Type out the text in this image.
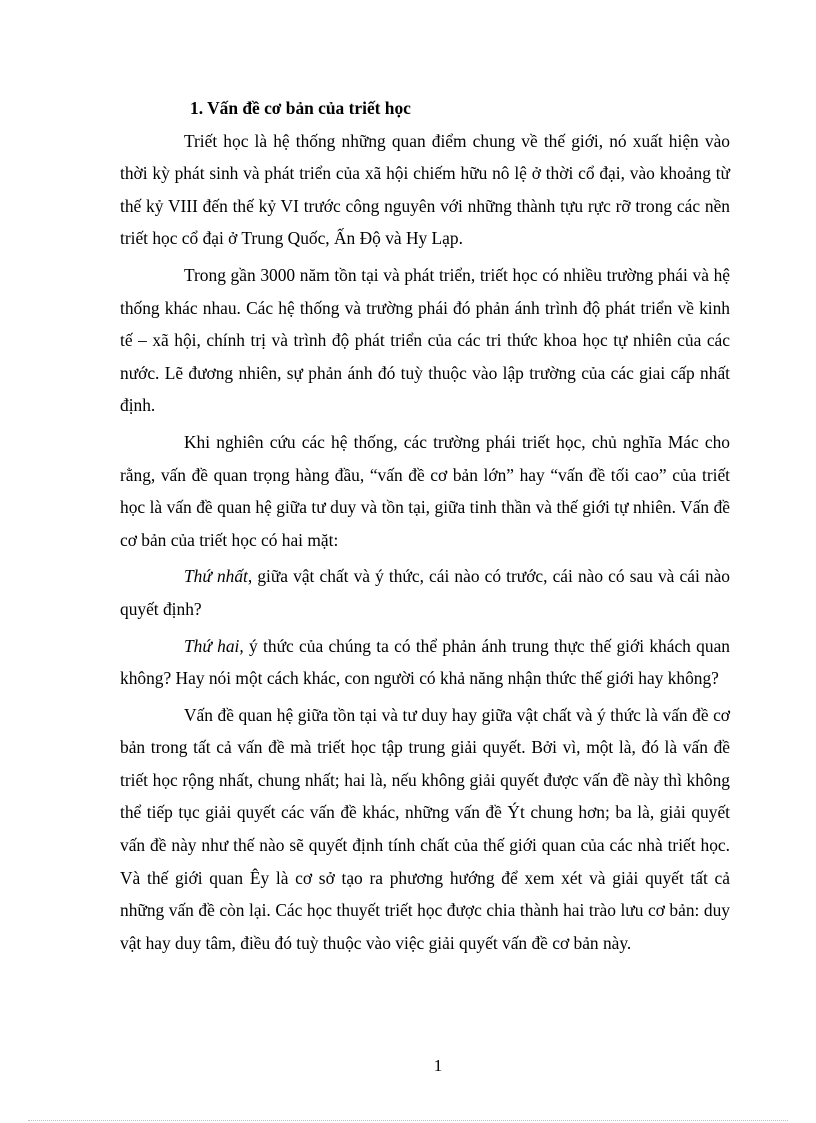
1. Vấn đề cơ bản của triết học

Triết học là hệ thống những quan điểm chung về thế giới, nó xuất hiện vào thời kỳ phát sinh và phát triển của xã hội chiếm hữu nô lệ ở thời cổ đại, vào khoảng từ thế kỷ VIII đến thế kỷ VI trước công nguyên với những thành tựu rực rỡ trong các nền triết học cổ đại ở Trung Quốc, Ấn Độ và Hy Lạp.

Trong gần 3000 năm tồn tại và phát triển, triết học có nhiều trường phái và hệ thống khác nhau. Các hệ thống và trường phái đó phản ánh trình độ phát triển về kinh tế – xã hội, chính trị và trình độ phát triển của các tri thức khoa học tự nhiên của các nước. Lẽ đương nhiên, sự phản ánh đó tuỳ thuộc vào lập trường của các giai cấp nhất định.

Khi nghiên cứu các hệ thống, các trường phái triết học, chủ nghĩa Mác cho rằng, vấn đề quan trọng hàng đầu, “vấn đề cơ bản lớn” hay “vấn đề tối cao” của triết học là vấn đề quan hệ giữa tư duy và tồn tại, giữa tinh thần và thế giới tự nhiên. Vấn đề cơ bản của triết học có hai mặt:

Thứ nhất, giữa vật chất và ý thức, cái nào có trước, cái nào có sau và cái nào quyết định?

Thứ hai, ý thức của chúng ta có thể phản ánh trung thực thế giới khách quan không? Hay nói một cách khác, con người có khả năng nhận thức thế giới hay không?

Vấn đề quan hệ giữa tồn tại và tư duy hay giữa vật chất và ý thức là vấn đề cơ bản trong tất cả vấn đề mà triết học tập trung giải quyết. Bởi vì, một là, đó là vấn đề triết học rộng nhất, chung nhất; hai là, nếu không giải quyết được vấn đề này thì không thể tiếp tục giải quyết các vấn đề khác, những vấn đề Ýt chung hơn; ba là, giải quyết vấn đề này như thế nào sẽ quyết định tính chất của thế giới quan của các nhà triết học. Và thế giới quan Êy là cơ sở tạo ra phương hướng để xem xét và giải quyết tất cả những vấn đề còn lại. Các học thuyết triết học được chia thành hai trào lưu cơ bản: duy vật hay duy tâm, điều đó tuỳ thuộc vào việc giải quyết vấn đề cơ bản này.

1
